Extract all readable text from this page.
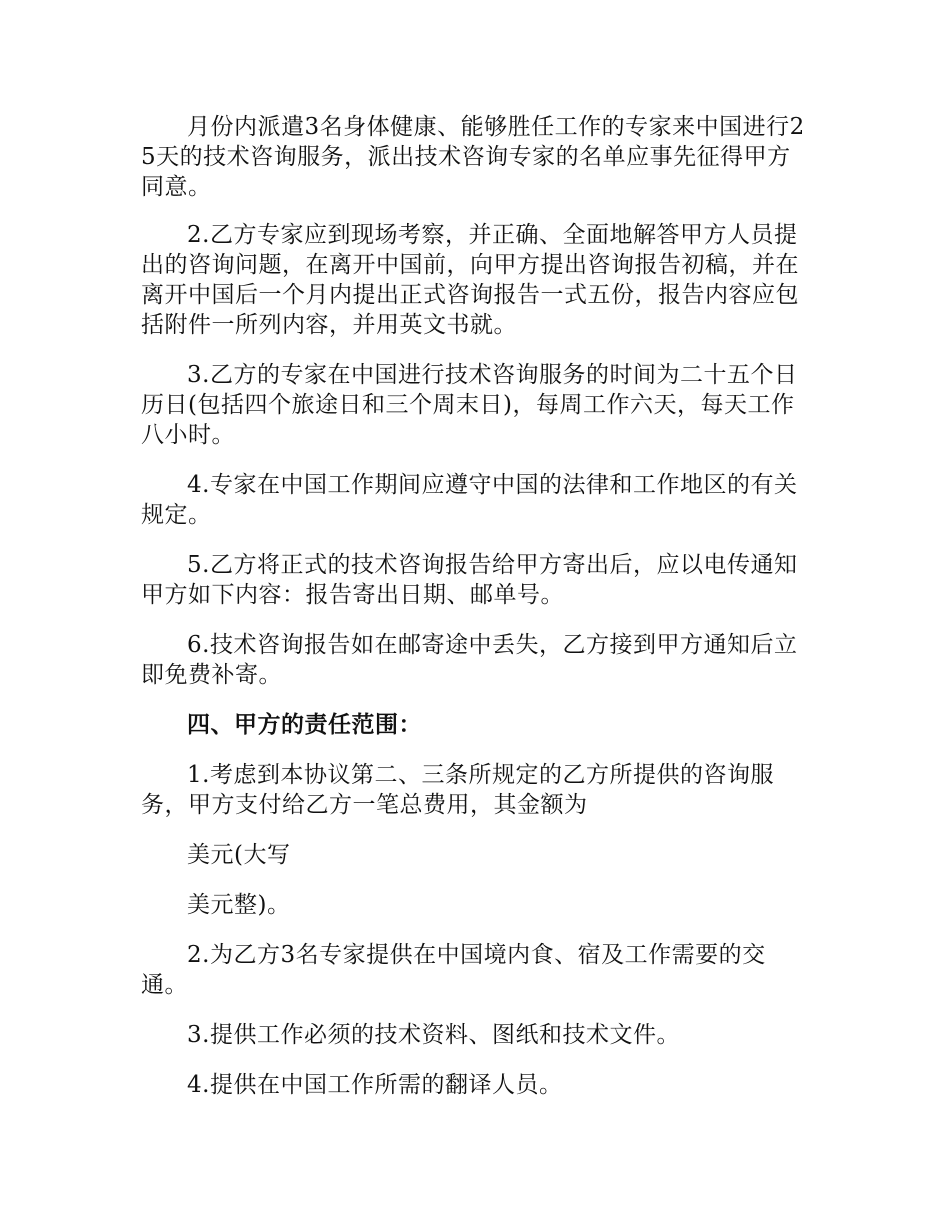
月份内派遣3名身体健康、能够胜任工作的专家来中国进行25天的技术咨询服务，派出技术咨询专家的名单应事先征得甲方同意。

2.乙方专家应到现场考察，并正确、全面地解答甲方人员提出的咨询问题，在离开中国前，向甲方提出咨询报告初稿，并在离开中国后一个月内提出正式咨询报告一式五份，报告内容应包括附件一所列内容，并用英文书就。

3.乙方的专家在中国进行技术咨询服务的时间为二十五个日历日(包括四个旅途日和三个周末日)，每周工作六天，每天工作八小时。

4.专家在中国工作期间应遵守中国的法律和工作地区的有关规定。

5.乙方将正式的技术咨询报告给甲方寄出后，应以电传通知甲方如下内容：报告寄出日期、邮单号。

6.技术咨询报告如在邮寄途中丢失，乙方接到甲方通知后立即免费补寄。

四、甲方的责任范围：

1.考虑到本协议第二、三条所规定的乙方所提供的咨询服务，甲方支付给乙方一笔总费用，其金额为

美元(大写

美元整)。

2.为乙方3名专家提供在中国境内食、宿及工作需要的交通。

3.提供工作必须的技术资料、图纸和技术文件。

4.提供在中国工作所需的翻译人员。
